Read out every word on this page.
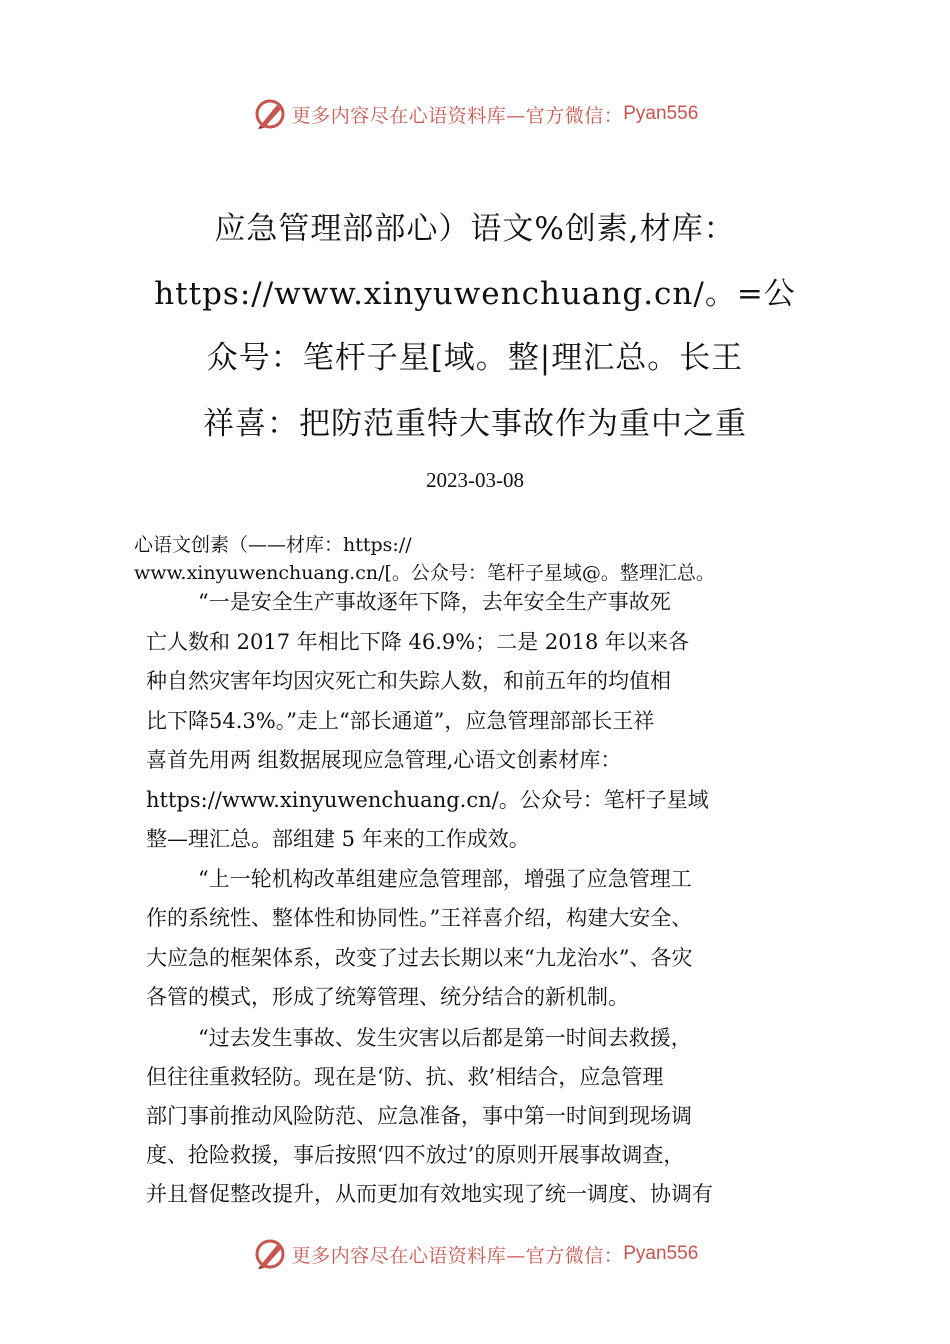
更多内容尽在心语资料库—官方微信： Pyan556
应急管理部部心）语文%创素,材库：
https://www.xinyuwenchuang.cn/。=公
众号：笔杆子星[域。整|理汇总。长王
祥喜：把防范重特大事故作为重中之重
2023-03-08
心语文创素（——材库：https://
www.xinyuwenchuang.cn/[。公众号：笔杆子星域@。整理汇总。
“一是安全生产事故逐年下降，去年安全生产事故死
亡人数和 2017 年相比下降 46.9%；二是 2018 年以来各
种自然灾害年均因灾死亡和失踪人数，和前五年的均值相
比下降54.3%。”走上“部长通道”，应急管理部部长王祥
喜首先用两 组数据展现应急管理,心语文创素材库：
https://www.xinyuwenchuang.cn/。公众号：笔杆子星域
整—理汇总。部组建 5 年来的工作成效。
“上一轮机构改革组建应急管理部，增强了应急管理工
作的系统性、整体性和协同性。”王祥喜介绍，构建大安全、
大应急的框架体系，改变了过去长期以来“九龙治水”、各灾
各管的模式，形成了统筹管理、统分结合的新机制。
“过去发生事故、发生灾害以后都是第一时间去救援，
但往往重救轻防。现在是‘防、抗、救’相结合，应急管理
部门事前推动风险防范、应急准备，事中第一时间到现场调
度、抢险救援，事后按照‘四不放过’的原则开展事故调查，
并且督促整改提升，从而更加有效地实现了统一调度、协调有
更多内容尽在心语资料库—官方微信： Pyan556
